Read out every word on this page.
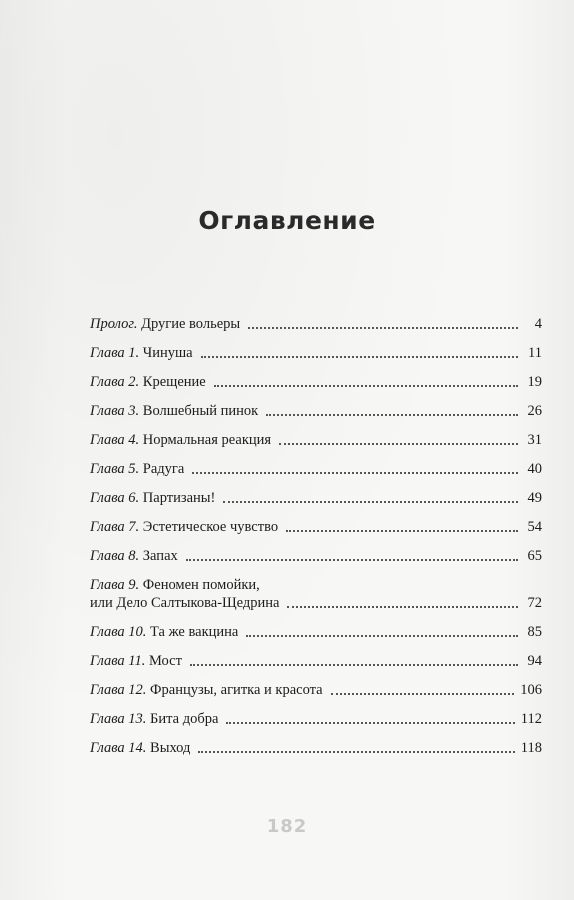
Оглавление
Пролог. Другие вольеры	4
Глава 1. Чинуша	11
Глава 2. Крещение	19
Глава 3. Волшебный пинок	26
Глава 4. Нормальная реакция	31
Глава 5. Радуга	40
Глава 6. Партизаны!	49
Глава 7. Эстетическое чувство	54
Глава 8. Запах	65
Глава 9. Феномен помойки,
или Дело Салтыкова-Щедрина	72
Глава 10. Та же вакцина	85
Глава 11. Мост	94
Глава 12. Французы, агитка и красота	106
Глава 13. Бита добра	112
Глава 14. Выход	118
182
